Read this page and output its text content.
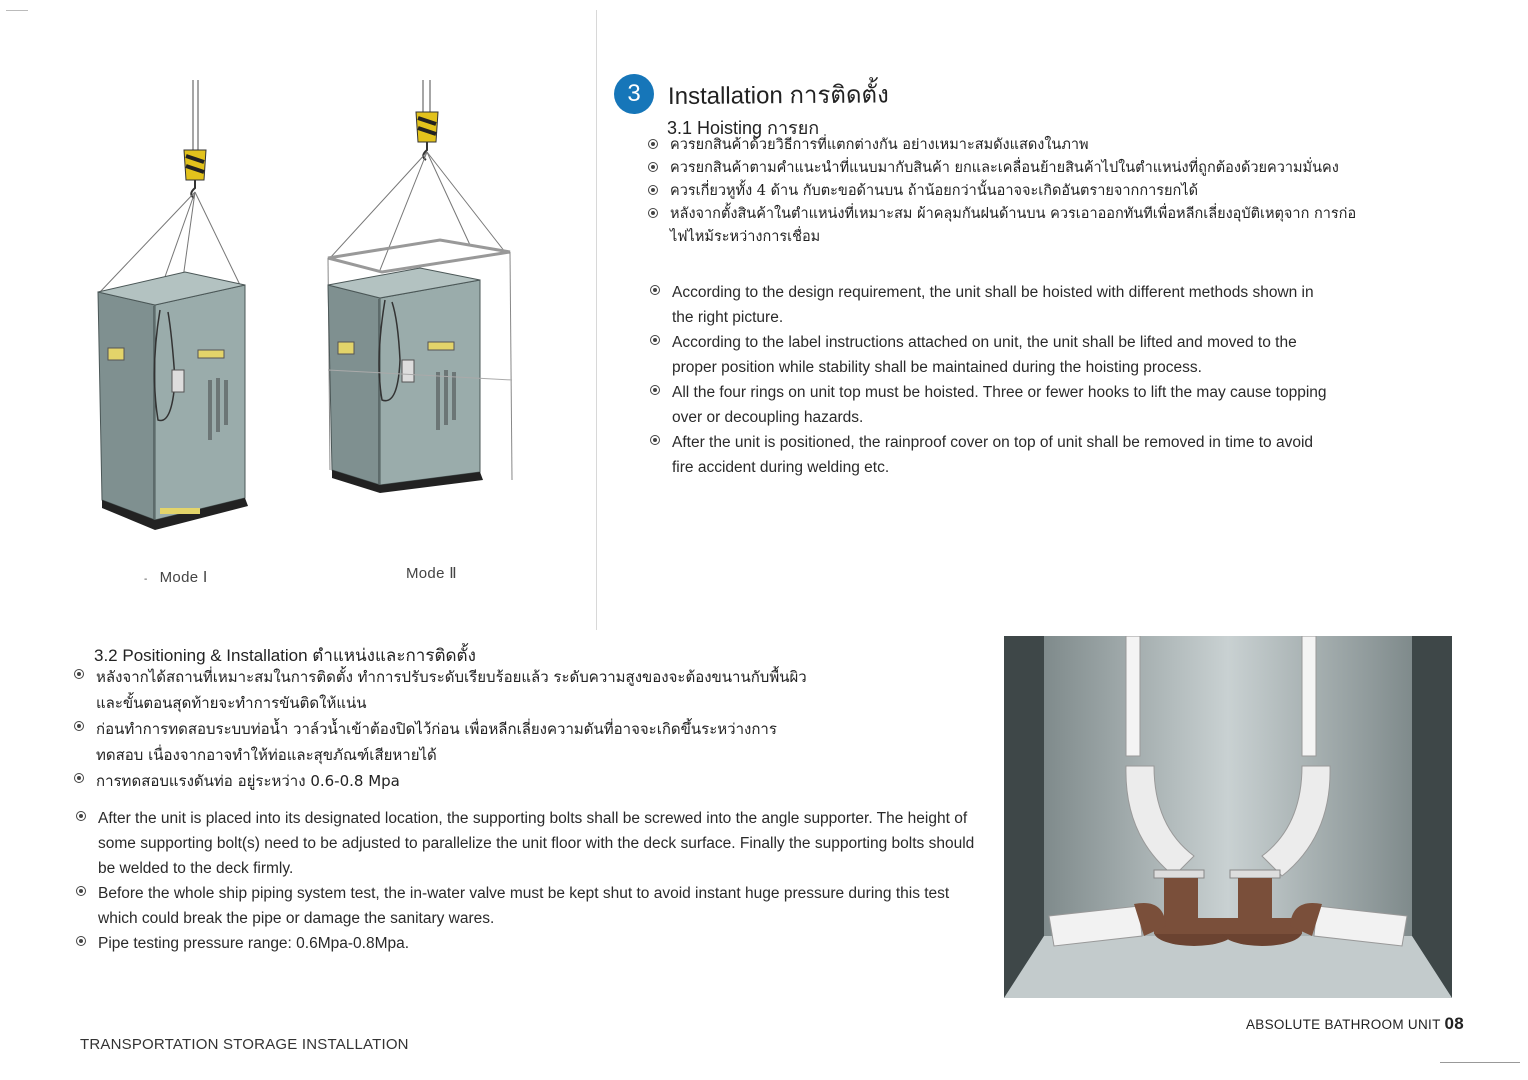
- Mode Ⅰ	Mode Ⅱ
3	Installation การติดตั้ง
3.1 Hoisting การยก
ควรยกสินค้าด้วยวิธีการที่แตกต่างกัน อย่างเหมาะสมดังแสดงในภาพ
ควรยกสินค้าตามคำแนะนำที่แนบมากับสินค้า ยกและเคลื่อนย้ายสินค้าไปในตำแหน่งที่ถูกต้องด้วยความมั่นคง
ควรเกี่ยวหูทั้ง 4 ด้าน กับตะขอด้านบน ถ้าน้อยกว่านั้นอาจจะเกิดอันตรายจากการยกได้
หลังจากตั้งสินค้าในตำแหน่งที่เหมาะสม ผ้าคลุมกันฝนด้านบน ควรเอาออกทันทีเพื่อหลีกเลี่ยงอุบัติเหตุจาก การก่อไฟไหม้ระหว่างการเชื่อม
According to the design requirement, the unit shall be hoisted with different methods shown in the right picture.
According to the label instructions attached on unit, the unit shall be lifted and moved to the proper position while stability shall be maintained during the hoisting process.
All the four rings on unit top must be hoisted. Three or fewer hooks to lift the may cause topping over or decoupling hazards.
After the unit is positioned, the rainproof cover on top of unit shall be removed in time to avoid fire accident during welding etc.
3.2 Positioning & Installation ตำแหน่งและการติดตั้ง
หลังจากได้สถานที่เหมาะสมในการติดตั้ง ทำการปรับระดับเรียบร้อยแล้ว ระดับความสูงของจะต้องขนานกับพื้นผิว และขั้นตอนสุดท้ายจะทำการขันติดให้แน่น
ก่อนทำการทดสอบระบบท่อน้ำ วาล์วน้ำเข้าต้องปิดไว้ก่อน เพื่อหลีกเลี่ยงความดันที่อาจจะเกิดขึ้นระหว่างการทดสอบ เนื่องจากอาจทำให้ท่อและสุขภัณฑ์เสียหายได้
การทดสอบแรงดันท่อ อยู่ระหว่าง 0.6-0.8 Mpa
After the unit is placed into its designated location, the supporting bolts shall be screwed into the angle supporter. The height of some supporting bolt(s) need to be adjusted to parallelize the unit floor with the deck surface. Finally the supporting bolts should be welded to the deck firmly.
Before the whole ship piping system test, the in-water valve must be kept shut to avoid instant huge pressure during this test which could break the pipe or damage the sanitary wares.
Pipe testing pressure range: 0.6Mpa-0.8Mpa.
TRANSPORTATION STORAGE INSTALLATION
ABSOLUTE BATHROOM UNIT 08
